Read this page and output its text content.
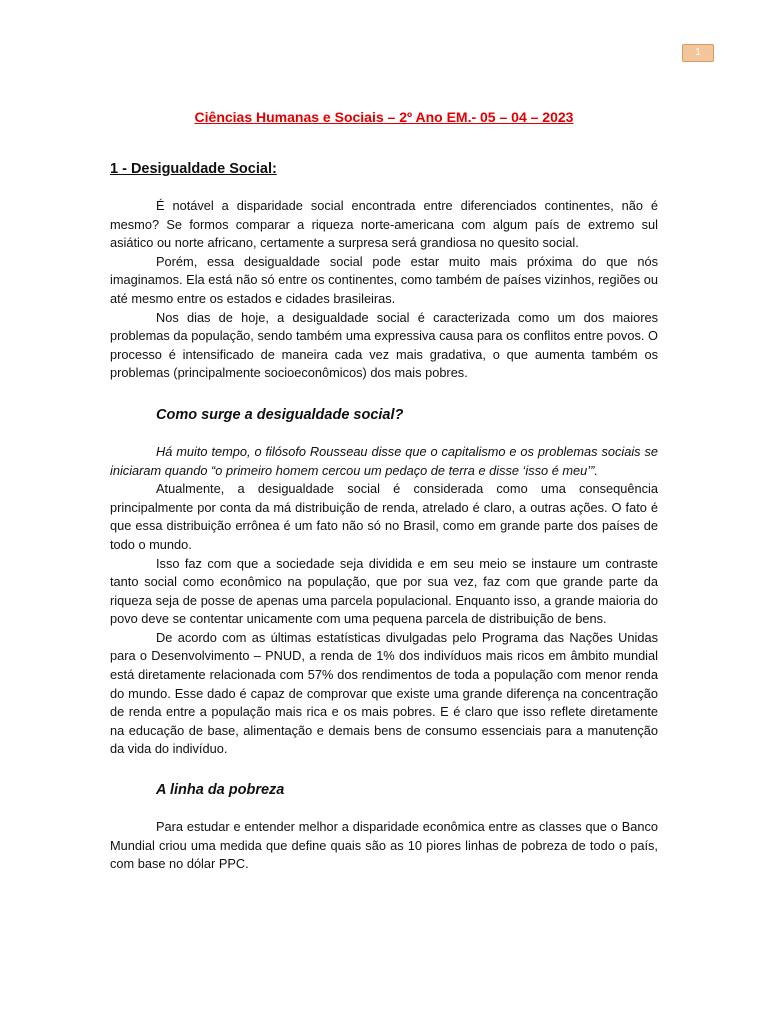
1
Ciências Humanas e Sociais – 2º Ano EM.- 05 – 04 – 2023
1 - Desigualdade Social:

É notável a disparidade social encontrada entre diferenciados continentes, não é mesmo? Se formos comparar a riqueza norte-americana com algum país de extremo sul asiático ou norte africano, certamente a surpresa será grandiosa no quesito social.

Porém, essa desigualdade social pode estar muito mais próxima do que nós imaginamos. Ela está não só entre os continentes, como também de países vizinhos, regiões ou até mesmo entre os estados e cidades brasileiras.

Nos dias de hoje, a desigualdade social é caracterizada como um dos maiores problemas da população, sendo também uma expressiva causa para os conflitos entre povos. O processo é intensificado de maneira cada vez mais gradativa, o que aumenta também os problemas (principalmente socioeconômicos) dos mais pobres.

Como surge a desigualdade social?

Há muito tempo, o filósofo Rousseau disse que o capitalismo e os problemas sociais se iniciaram quando “o primeiro homem cercou um pedaço de terra e disse ‘isso é meu’”.

Atualmente, a desigualdade social é considerada como uma consequência principalmente por conta da má distribuição de renda, atrelado é claro, a outras ações. O fato é que essa distribuição errônea é um fato não só no Brasil, como em grande parte dos países de todo o mundo.

Isso faz com que a sociedade seja dividida e em seu meio se instaure um contraste tanto social como econômico na população, que por sua vez, faz com que grande parte da riqueza seja de posse de apenas uma parcela populacional. Enquanto isso, a grande maioria do povo deve se contentar unicamente com uma pequena parcela de distribuição de bens.

De acordo com as últimas estatísticas divulgadas pelo Programa das Nações Unidas para o Desenvolvimento – PNUD, a renda de 1% dos indivíduos mais ricos em âmbito mundial está diretamente relacionada com 57% dos rendimentos de toda a população com menor renda do mundo. Esse dado é capaz de comprovar que existe uma grande diferença na concentração de renda entre a população mais rica e os mais pobres. E é claro que isso reflete diretamente na educação de base, alimentação e demais bens de consumo essenciais para a manutenção da vida do indivíduo.

A linha da pobreza

Para estudar e entender melhor a disparidade econômica entre as classes que o Banco Mundial criou uma medida que define quais são as 10 piores linhas de pobreza de todo o país, com base no dólar PPC.
